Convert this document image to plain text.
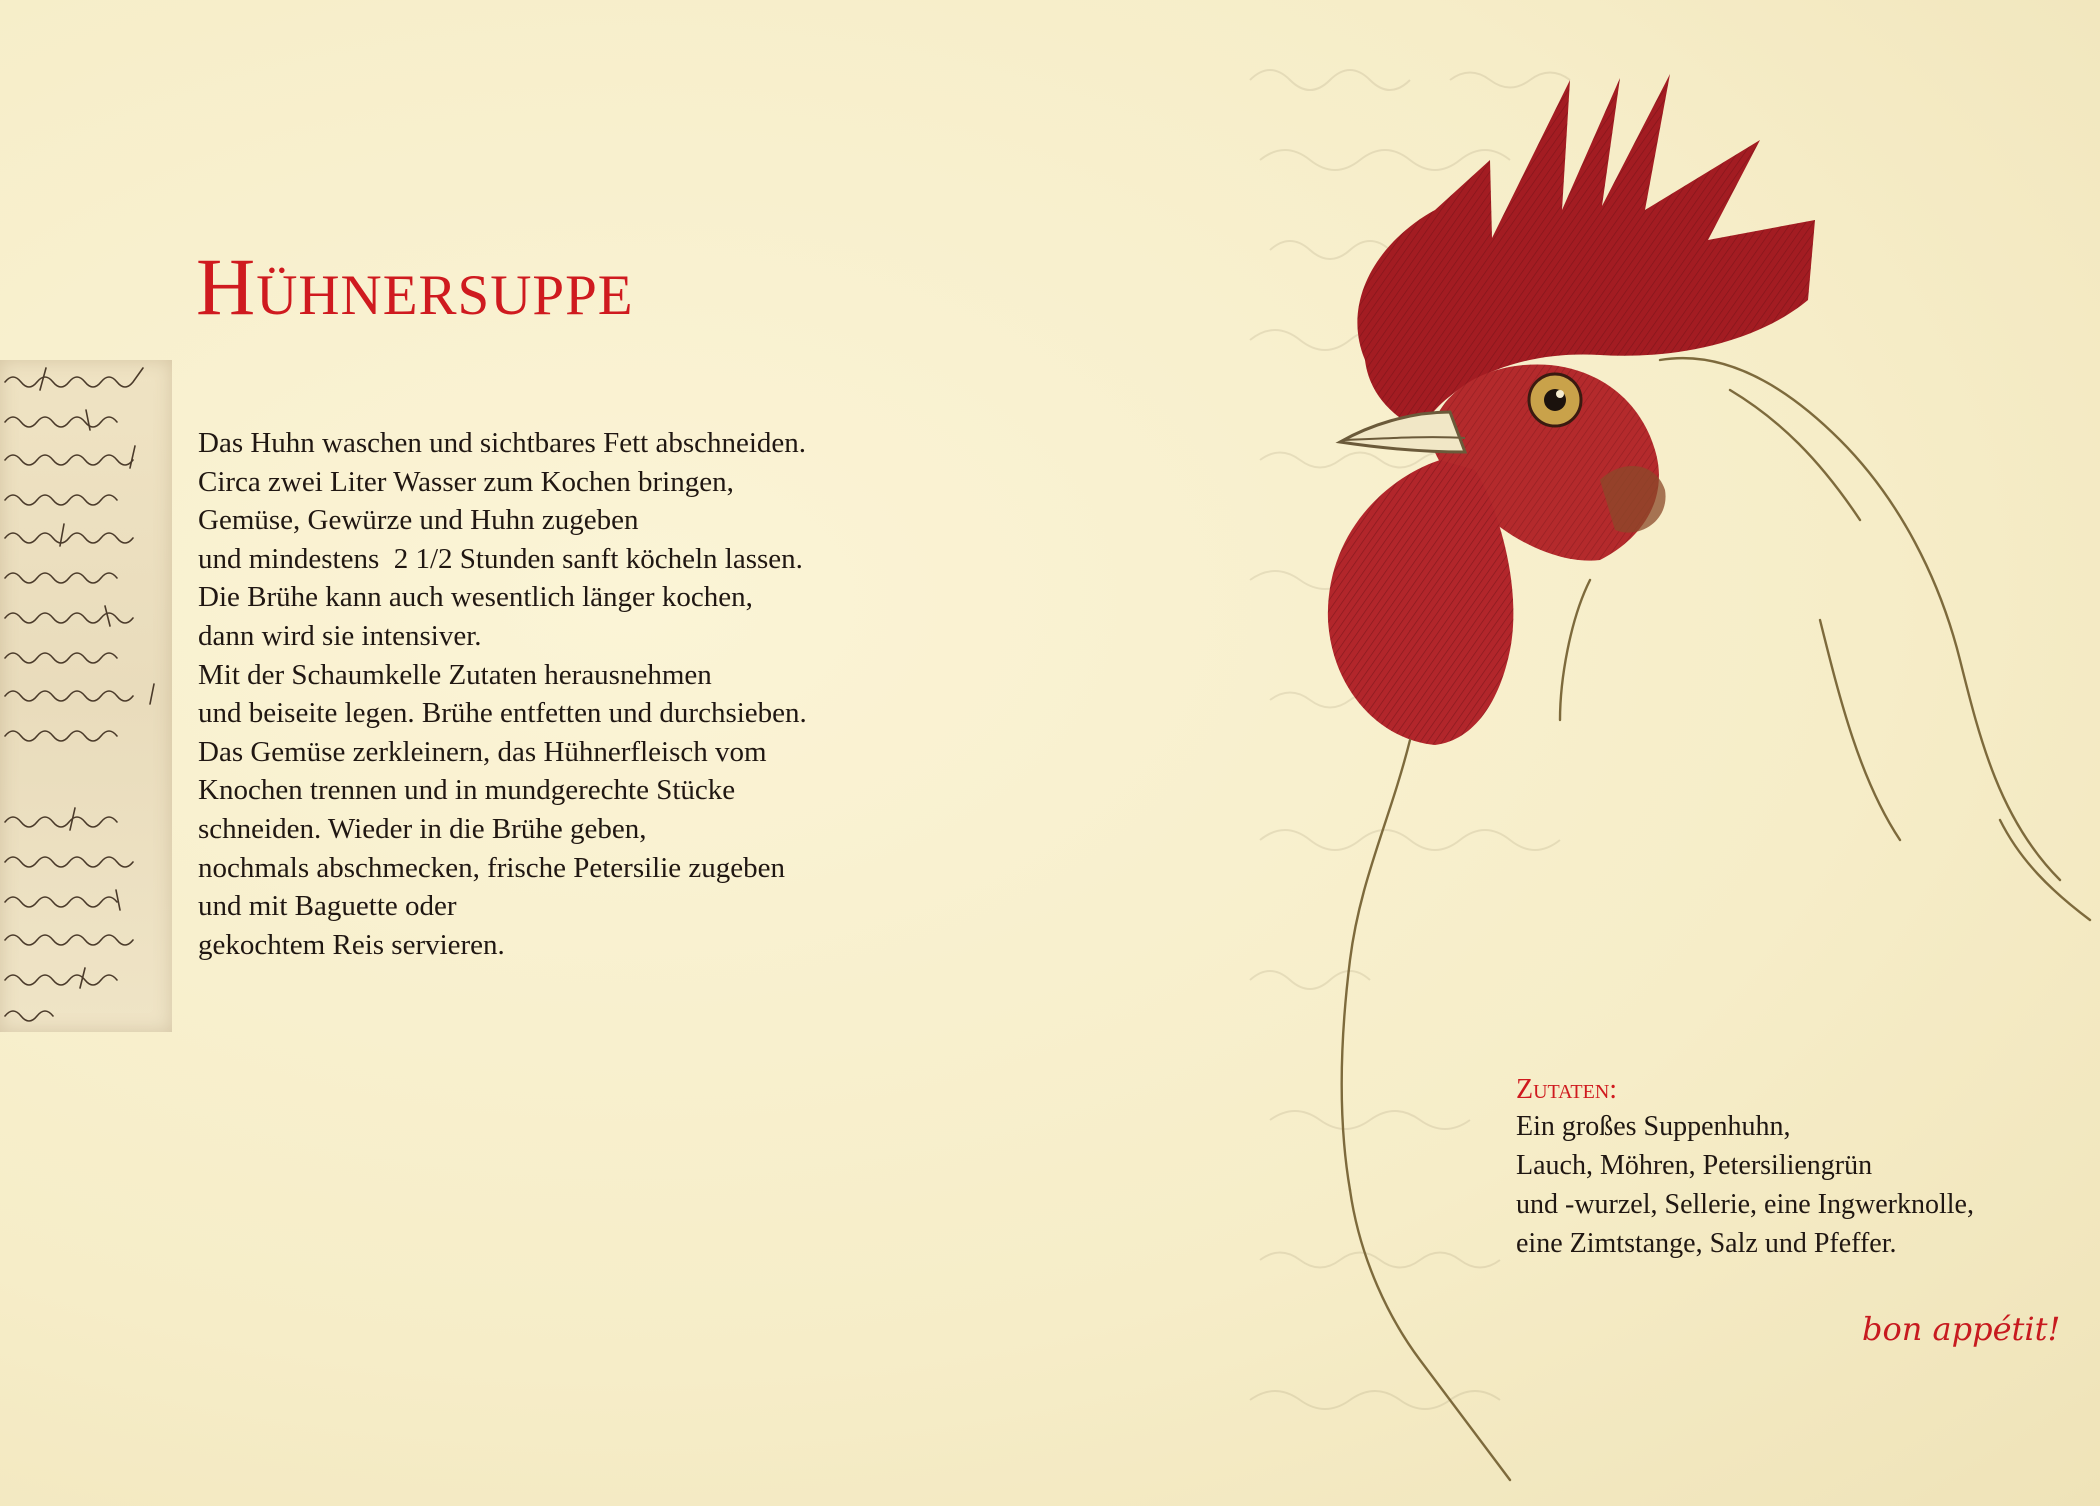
Hühnersuppe
Das Huhn waschen und sichtbares Fett abschneiden.
Circa zwei Liter Wasser zum Kochen bringen,
Gemüse, Gewürze und Huhn zugeben
und mindestens  2 1/2 Stunden sanft köcheln lassen.
Die Brühe kann auch wesentlich länger kochen,
dann wird sie intensiver.
Mit der Schaumkelle Zutaten herausnehmen
und beiseite legen. Brühe entfetten und durchsieben.
Das Gemüse zerkleinern, das Hühnerfleisch vom
Knochen trennen und in mundgerechte Stücke
schneiden. Wieder in die Brühe geben,
nochmals abschmecken, frische Petersilie zugeben
und mit Baguette oder
gekochtem Reis servieren.
Zutaten:
Ein großes Suppenhuhn,
Lauch, Möhren, Petersiliengrün
und -wurzel, Sellerie, eine Ingwerknolle,
eine Zimtstange, Salz und Pfeffer.
bon appétit!
